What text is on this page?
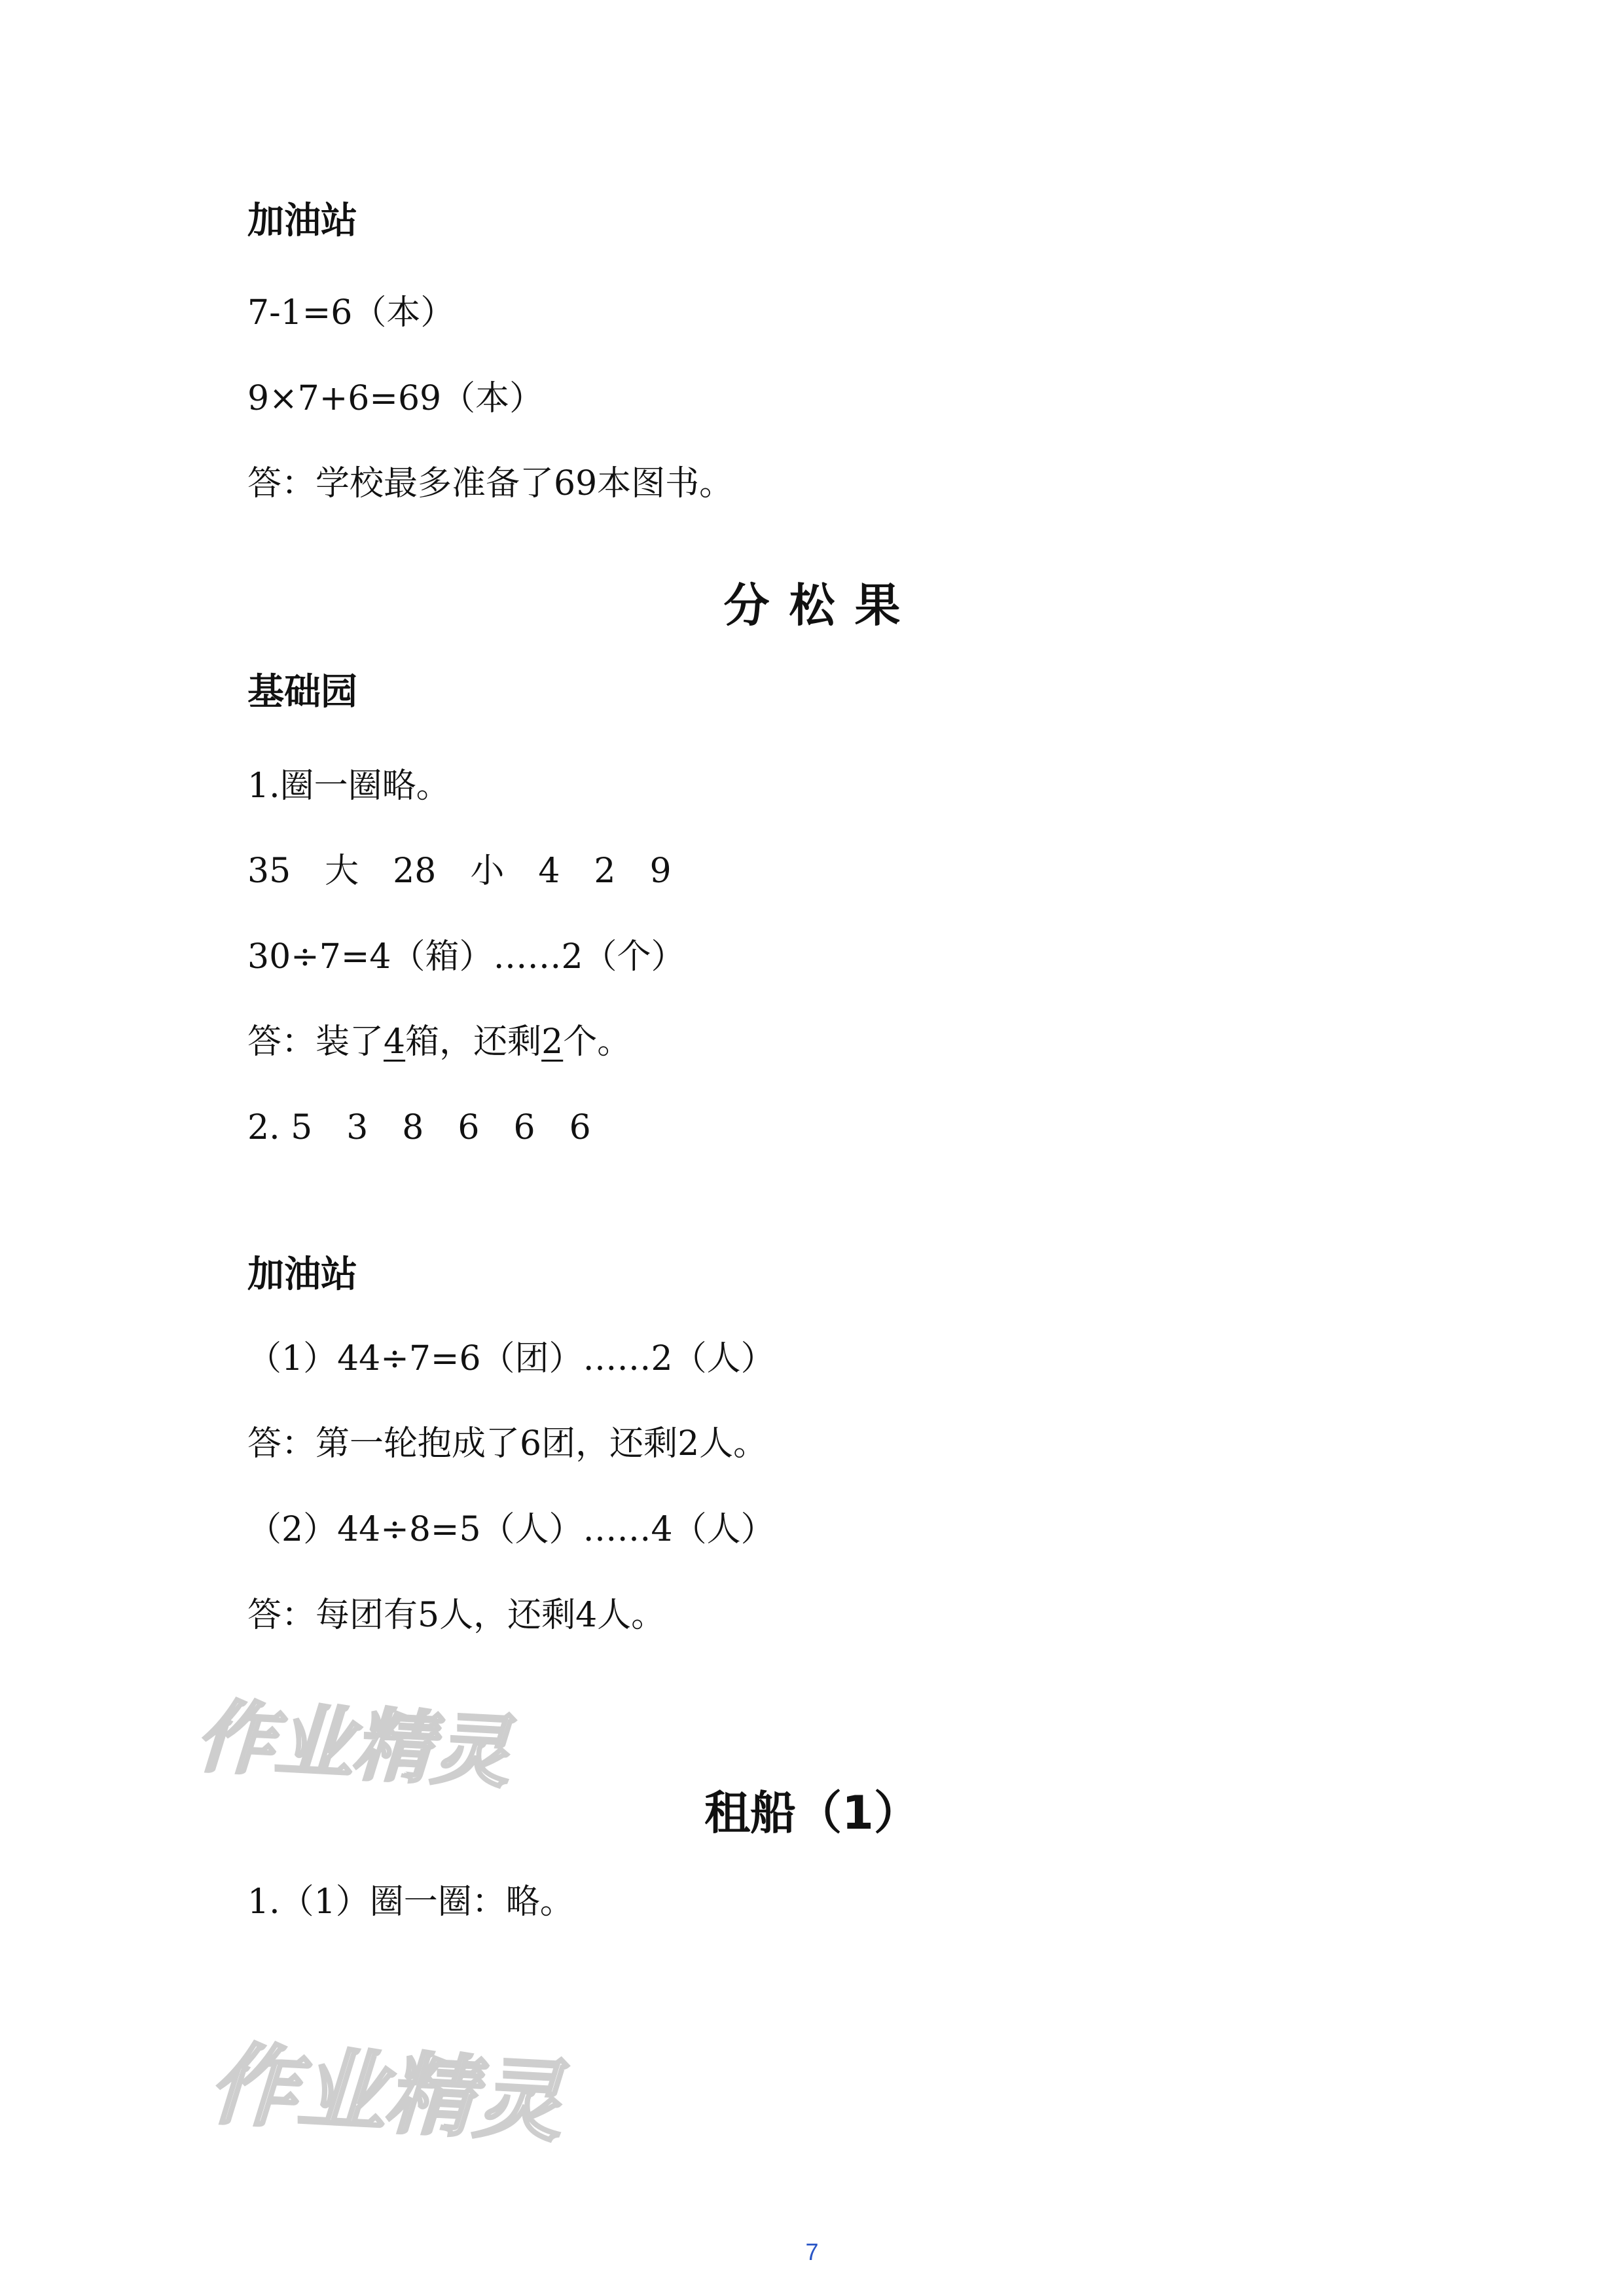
加油站
7-1=6（本）
9×7+6=69（本）
答：学校最多准备了69本图书。
分松果
基础园
1.圈一圈略。
35　大　28　小　4　2　9
30÷7=4（箱）……2（个）
答：装了4箱，还剩2个。
2. 5　3　8　6　6　6
加油站
（1）44÷7=6（团）……2（人）
答：第一轮抱成了6团，还剩2人。
（2）44÷8=5（人）……4（人）
答：每团有5人，还剩4人。
作业精灵
租船（1）
1.（1）圈一圈：略。
作业精灵
7
